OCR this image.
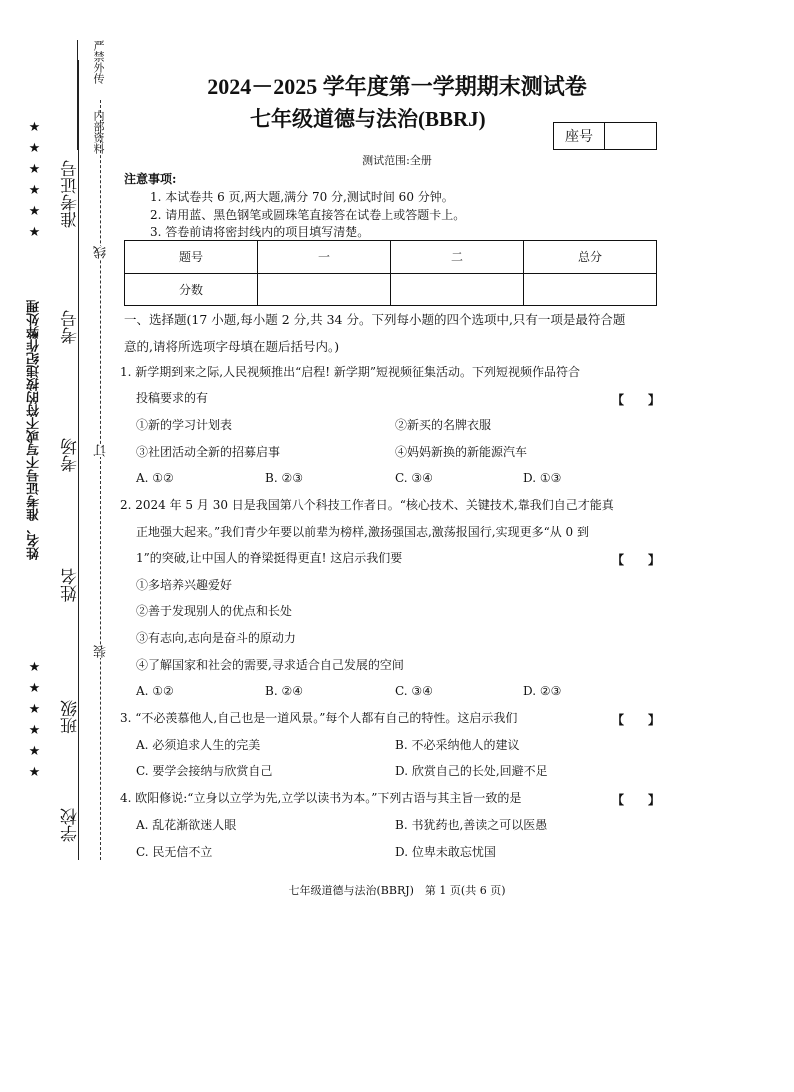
严禁外传
内部资料
★★★★★★
姓名、准考证号不写或不符的按违纪作弊处理
★★★★★★
准考证号
考号
考场
姓名
班级
学校
线
订
装
2024－2025 学年度第一学期期末测试卷
七年级道德与法治(BBRJ)
座号
测试范围:全册
注意事项:
1. 本试卷共 6 页,两大题,满分 70 分,测试时间 60 分钟。
2. 请用蓝、黑色钢笔或圆珠笔直接答在试卷上或答题卡上。
3. 答卷前请将密封线内的项目填写清楚。
题号	一	二	总分
分数			
一、选择题(17 小题,每小题 2 分,共 34 分。下列每小题的四个选项中,只有一项是最符合题
意的,请将所选项字母填在题后括号内。)
1. 新学期到来之际,人民视频推出“启程! 新学期”短视频征集活动。下列短视频作品符合
投稿要求的有	【　　】
①新的学习计划表	②新买的名牌衣服
③社团活动全新的招募启事	④妈妈新换的新能源汽车
A. ①②	B. ②③	C. ③④	D. ①③
2. 2024 年 5 月 30 日是我国第八个科技工作者日。“核心技术、关键技术,靠我们自己才能真
正地强大起来。”我们青少年要以前辈为榜样,激扬强国志,激荡报国行,实现更多“从 0 到
1”的突破,让中国人的脊梁挺得更直! 这启示我们要	【　　】
①多培养兴趣爱好
②善于发现别人的优点和长处
③有志向,志向是奋斗的原动力
④了解国家和社会的需要,寻求适合自己发展的空间
A. ①②	B. ②④	C. ③④	D. ②③
3. “不必羡慕他人,自己也是一道风景。”每个人都有自己的特性。这启示我们	【　　】
A. 必须追求人生的完美	B. 不必采纳他人的建议
C. 要学会接纳与欣赏自己	D. 欣赏自己的长处,回避不足
4. 欧阳修说:“立身以立学为先,立学以读书为本。”下列古语与其主旨一致的是	【　　】
A. 乱花渐欲迷人眼	B. 书犹药也,善读之可以医愚
C. 民无信不立	D. 位卑未敢忘忧国
七年级道德与法治(BBRJ)　第 1 页(共 6 页)
